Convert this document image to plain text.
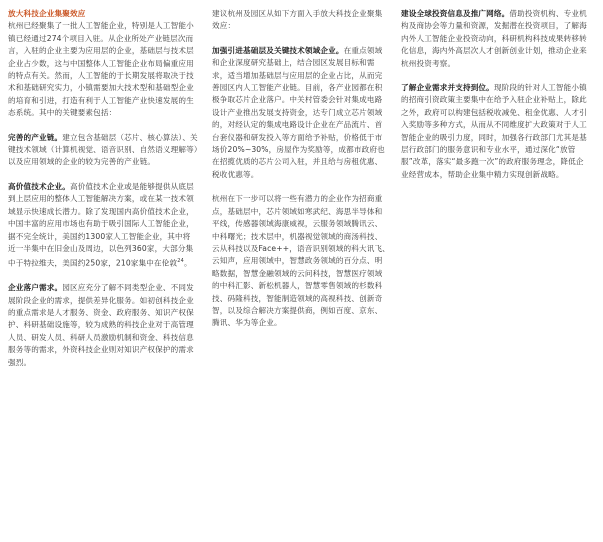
放大科技企业集聚效应

杭州已经聚集了一批人工智能企业，特别是人工智能小镇已经通过274个项目入驻。从企业所处产业链层次而言，入驻的企业主要为应用层的企业，基础层与技术层企业占少数，这与中国整体人工智能企业布局偏重应用的特点有关。然而，人工智能的于长期发展将取决于技术和基础研究实力，小镇需要加大技术型和基础型企业的培育和引进，打造有利于人工智能产业快速发展的生态系统。其中的关键要素包括：

完善的产业链。建立包含基础层（芯片、核心算法）、关键技术领域（计算机视觉、语音识别、自然语义理解等）以及应用领域的企业的较为完善的产业链。

高价值技术企业。高价值技术企业或是能够提供从底层到上层应用的整体人工智能解决方案，或在某一技术领域显示快速成长潜力。除了发现国内高价值技术企业，中国丰富的应用市场也有助于吸引国际人工智能企业，据不完全统计，美国约1300家人工智能企业，其中将近一半集中在旧金山及周边，以色列360家，大部分集中于特拉维夫，美国约250家，210家集中在伦敦$^{24}$。

企业落户需求。园区应充分了解不同类型企业、不同发展阶段企业的需求，提供差异化服务。如初创科技企业的重点需求是人才服务、资金、政府服务、知识产权保护、科研基础设施等，较为成熟的科技企业对于高管理人员、研发人员、科研人员激励机制和资金、科技信息服务等的需求，外资科技企业则对知识产权保护的需求强烈。

建议杭州及园区从如下方面入手放大科技企业聚集效应：

加强引进基础层及关键技术领域企业。在重点领域和企业深度研究基础上，结合园区发展目标和需求，适当增加基础层与应用层的企业占比，从而完善园区内人工智能产业链。目前，各产业园都在积极争取芯片企业落户。中关村管委会针对集成电路设计产业推出发展支持资金，达专门成立芯片领域的，对经认定的集成电路设计企业在产品流片、首台套仪器和研发投入等方面给予补贴，价格低于市场价20%~30%，房屋作为奖励等，成都市政府也在招揽优质的芯片公司入驻，并且给与房租优惠、税收优惠等。

杭州在下一步可以将一些有潜力的企业作为招商重点，基础层中，芯片领域如寒武纪、海思半导体和平线，传感器领域海康威视，云服务领域腾讯云、中科曙光；技术层中，机器视觉领域的商汤科技、云从科技以及Face++，语音识别领域的科大讯飞、云知声，应用领域中，智慧政务领域的百分点、明略数据，智慧金融领域的云问科技，智慧医疗领域的中科汇影、新松机器人，智慧零售领域的杉数科技、码隆科技，智能制造领域的高视科技、创新奇智，以及综合解决方案提供商，例如百度、京东、腾讯、华为等企业。

建设全球投资信息及推广网络。借助投资机构、专业机构及商协会等力量和资源，发掘潜在投资项目，了解海内外人工智能企业投资动向，科研机构科技成果转移转化信息，海内外高层次人才创新创业计划，推动企业来杭州投资考察。

了解企业需求并支持到位。现阶段的针对人工智能小镇的招商引资政策主要集中在给予入驻企业补贴上，除此之外，政府可以构建包括税收减免、租金优惠、人才引入奖励等多种方式，从而从不同维度扩大政策对于人工智能企业的吸引力度，同时，加强各行政部门尤其是基层行政部门的服务意识和专业水平，通过深化“放管服”改革，落实“最多跑一次”的政府服务理念，降低企业经营成本，帮助企业集中精力实现创新战略。
